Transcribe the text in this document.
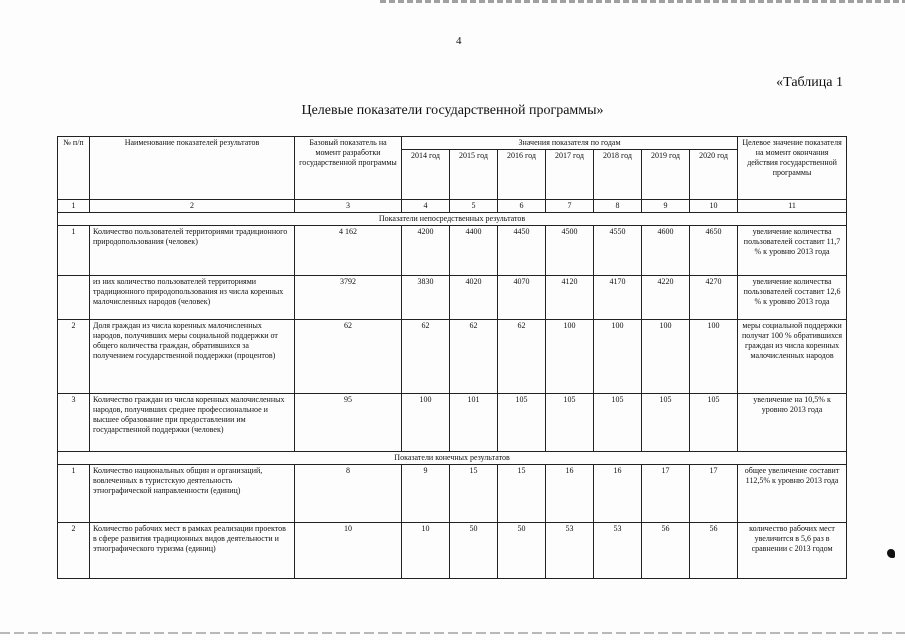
4
«Таблица 1
Целевые показатели государственной программы»
№ п/п	Наименование показателей результатов	Базовый показатель на момент разработки государственной программы	Значения показателя по годам							Целевое значение показателя на момент окончания действия государственной программы
			2014 год	2015 год	2016 год	2017 год	2018 год	2019 год	2020 год	
1	2	3	4	5	6	7	8	9	10	11
Показатели непосредственных результатов										
1	Количество пользователей территориями традиционного природопользования (человек)	4 162	4200	4400	4450	4500	4550	4600	4650	увеличение количества пользователей составит 11,7 % к уровню 2013 года
	из них количество пользователей территориями традиционного природопользования из числа коренных малочисленных народов (человек)	3792	3830	4020	4070	4120	4170	4220	4270	увеличение количества пользователей составит 12,6 % к уровню 2013 года
2	Доля граждан из числа коренных малочисленных народов, получивших меры социальной поддержки от общего количества граждан, обратившихся за получением государственной поддержки (процентов)	62	62	62	62	100	100	100	100	меры социальной поддержки получат 100 % обратившихся граждан из числа коренных малочисленных народов
3	Количество граждан из числа коренных малочисленных народов, получивших среднее профессиональное и высшее образование при предоставлении им государственной поддержки (человек)	95	100	101	105	105	105	105	105	увеличение на 10,5% к уровню 2013 года
Показатели конечных результатов										
1	Количество национальных общин и организаций, вовлеченных в туристскую деятельность этнографической направленности (единиц)	8	9	15	15	16	16	17	17	общее увеличение составит 112,5% к уровню 2013 года
2	Количество рабочих мест в рамках реализации проектов в сфере развития традиционных видов деятельности и этнографического туризма (единиц)	10	10	50	50	53	53	56	56	количество рабочих мест увеличится в 5,6 раз в сравнении с 2013 годом
